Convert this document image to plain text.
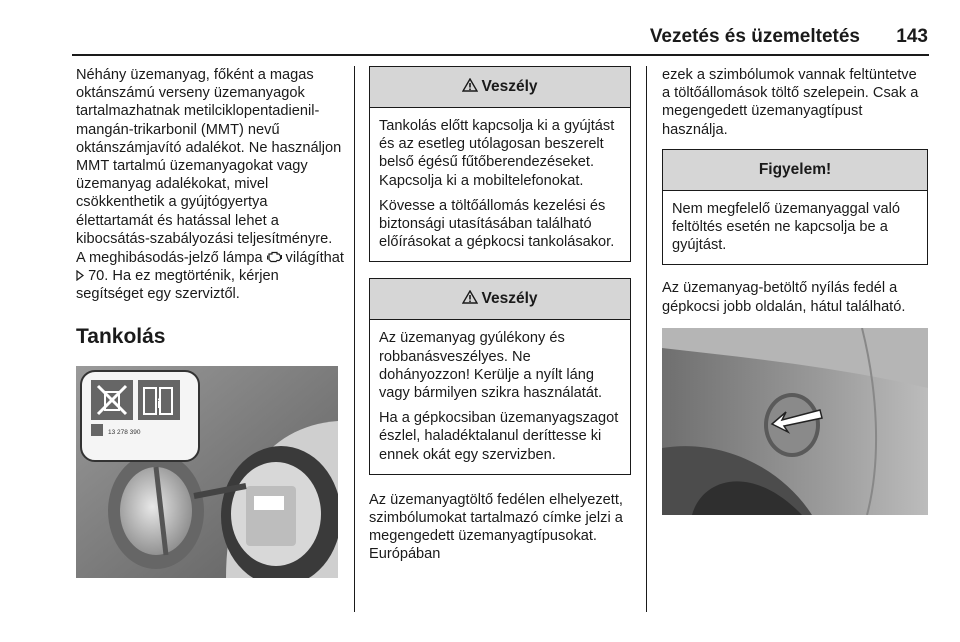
Vezetés és üzemeltetés	143

Néhány üzemanyag, főként a magas oktánszámú verseny üzemanyagok tartalmazhatnak metilciklopentadienil-mangán-trikarbonil (MMT) nevű oktánszámjavító adalékot. Ne használjon MMT tartalmú üzemanyagokat vagy üzemanyag adalékokat, mivel csökkenthetik a gyújtógyertya élettartamát és hatással lehet a kibocsátás-szabályozási teljesítményre. A meghibásodás-jelző lámpa világíthat  70. Ha ez megtörténik, kérjen segítséget egy szerviztől.

Tankolás

i
13 278 390
Veszély

Tankolás előtt kapcsolja ki a gyújtást és az esetleg utólagosan beszerelt belső égésű fűtőberendezéseket. Kapcsolja ki a mobiltelefonokat.

Kövesse a töltőállomás kezelési és biztonsági utasításában található előírásokat a gépkocsi tankolásakor.

Veszély

Az üzemanyag gyúlékony és robbanásveszélyes. Ne dohányozzon! Kerülje a nyílt láng vagy bármilyen szikra használatát.

Ha a gépkocsiban üzemanyagszagot észlel, haladéktalanul deríttesse ki ennek okát egy szervizben.

Az üzemanyagtöltő fedélen elhelyezett, szimbólumokat tartalmazó címke jelzi a megengedett üzemanyagtípusokat. Európában

ezek a szimbólumok vannak feltüntetve a töltőállomások töltő szelepein. Csak a megengedett üzemanyagtípust használja.

Figyelem!

Nem megfelelő üzemanyaggal való feltöltés esetén ne kapcsolja be a gyújtást.

Az üzemanyag-betöltő nyílás fedél a gépkocsi jobb oldalán, hátul található.
